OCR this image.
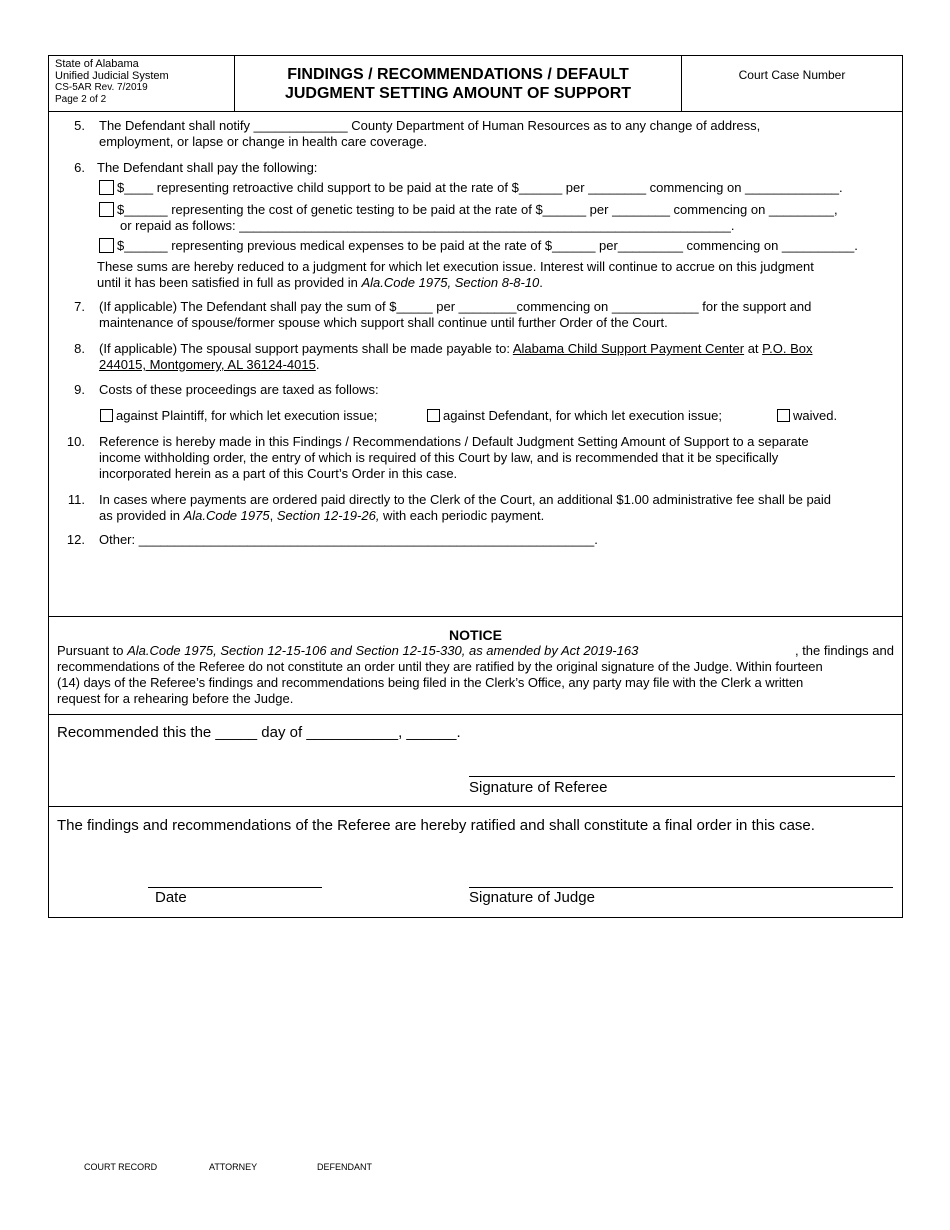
State of Alabama
Unified Judicial System
CS-5AR Rev. 7/2019
Page 2 of 2
FINDINGS / RECOMMENDATIONS / DEFAULT
JUDGMENT SETTING AMOUNT OF SUPPORT
Court Case Number
5. The Defendant shall notify _____________ County Department of Human Resources as to any change of address,
employment, or lapse or change in health care coverage.
6. The Defendant shall pay the following:
$____ representing retroactive child support to be paid at the rate of $______ per ________ commencing on _____________.
$______ representing the cost of genetic testing to be paid at the rate of $______ per ________ commencing on _________,
or repaid as follows: ____________________________________________________________________.
$______ representing previous medical expenses to be paid at the rate of $______ per_________ commencing on __________.
These sums are hereby reduced to a judgment for which let execution issue. Interest will continue to accrue on this judgment
until it has been satisfied in full as provided in Ala.Code 1975, Section 8-8-10.
7. (If applicable) The Defendant shall pay the sum of $_____ per ________commencing on ____________ for the support and
maintenance of spouse/former spouse which support shall continue until further Order of the Court.
8. (If applicable) The spousal support payments shall be made payable to: Alabama Child Support Payment Center at P.O. Box
244015, Montgomery, AL 36124-4015.
9. Costs of these proceedings are taxed as follows:
against Plaintiff, for which let execution issue;	against Defendant, for which let execution issue;	waived.
10. Reference is hereby made in this Findings / Recommendations / Default Judgment Setting Amount of Support to a separate
income withholding order, the entry of which is required of this Court by law, and is recommended that it be specifically
incorporated herein as a part of this Court’s Order in this case.
11. In cases where payments are ordered paid directly to the Clerk of the Court, an additional $1.00 administrative fee shall be paid
as provided in Ala.Code 1975, Section 12-19-26, with each periodic payment.
12. Other: _______________________________________________________________.
NOTICE
Pursuant to Ala.Code 1975, Section 12-15-106 and Section 12-15-330, as amended by Act 2019-163	, the findings and
recommendations of the Referee do not constitute an order until they are ratified by the original signature of the Judge. Within fourteen
(14) days of the Referee’s findings and recommendations being filed in the Clerk’s Office, any party may file with the Clerk a written
request for a rehearing before the Judge.
Recommended this the _____ day of ___________, ______.
Signature of Referee
The findings and recommendations of the Referee are hereby ratified and shall constitute a final order in this case.
Date	Signature of Judge
COURT RECORD	ATTORNEY	DEFENDANT
